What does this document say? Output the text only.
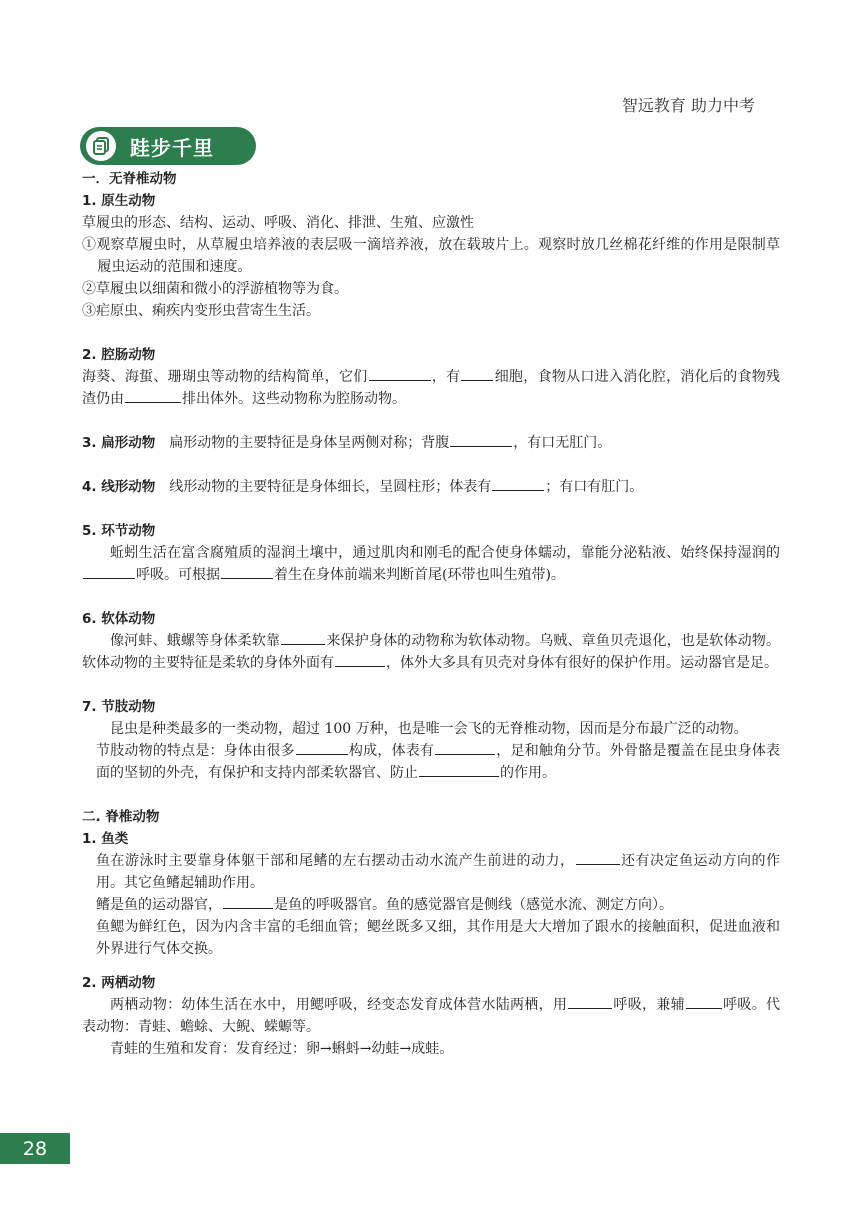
智远教育 助力中考
跬步千里
一．无脊椎动物
1. 原生动物

草履虫的形态、结构、运动、呼吸、消化、排泄、生殖、应激性

①观察草履虫时，从草履虫培养液的表层吸一滴培养液，放在载玻片上。观察时放几丝棉花纤维的作用是限制草履虫运动的范围和速度。

②草履虫以细菌和微小的浮游植物等为食。

③疟原虫、痢疾内变形虫营寄生生活。

2. 腔肠动物

海葵、海蜇、珊瑚虫等动物的结构简单，它们	，有 细胞，食物从口进入消化腔，消化后的食物残渣仍由	排出体外。这些动物称为腔肠动物。

3. 扁形动物 扁形动物的主要特征是身体呈两侧对称；背腹	，有口无肛门。

4. 线形动物 线形动物的主要特征是身体细长，呈圆柱形；体表有	；有口有肛门。

5. 环节动物

蚯蚓生活在富含腐殖质的湿润土壤中，通过肌肉和刚毛的配合使身体蠕动，靠能分泌粘液、始终保持湿润的呼吸。可根据	着生在身体前端来判断首尾(环带也叫生殖带)。

6. 软体动物

像河蚌、蛾螺等身体柔软靠	来保护身体的动物称为软体动物。乌贼、章鱼贝壳退化，也是软体动物。软体动物的主要特征是柔软的身体外面有	，体外大多具有贝壳对身体有很好的保护作用。运动器官是足。

7. 节肢动物

昆虫是种类最多的一类动物，超过 100 万种，也是唯一会飞的无脊椎动物，因而是分布最广泛的动物。

节肢动物的特点是：身体由很多	构成，体表有	，足和触角分节。外骨骼是覆盖在昆虫身体表面的坚韧的外壳，有保护和支持内部柔软器官、防止	的作用。

二. 脊椎动物
1. 鱼类

鱼在游泳时主要靠身体躯干部和尾鳍的左右摆动击动水流产生前进的动力，	还有决定鱼运动方向的作用。其它鱼鳍起辅助作用。

鳍是鱼的运动器官，	是鱼的呼吸器官。鱼的感觉器官是侧线（感觉水流、测定方向）。

鱼鳃为鲜红色，因为内含丰富的毛细血管；鳃丝既多又细，其作用是大大增加了跟水的接触面积，促进血液和外界进行气体交换。

2. 两栖动物

两栖动物：幼体生活在水中，用鳃呼吸，经变态发育成体营水陆两栖，用	呼吸，兼辅	呼吸。代表动物：青蛙、蟾蜍、大鲵、蝾螈等。

青蛙的生殖和发育：发育经过：卵→蝌蚪→幼蛙→成蛙。

28
